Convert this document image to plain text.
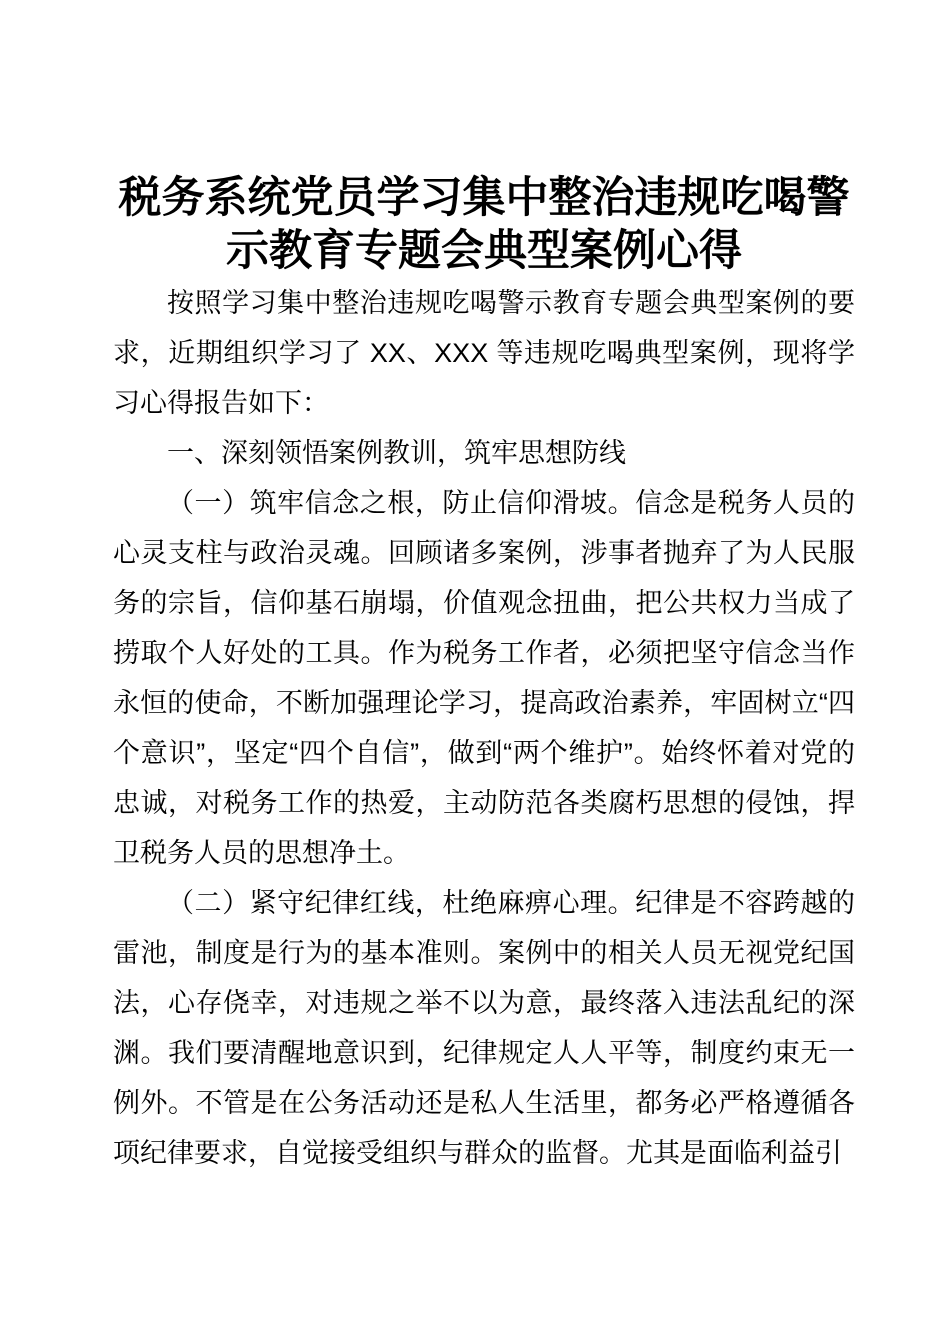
税务系统党员学习集中整治违规吃喝警示教育专题会典型案例心得

按照学习集中整治违规吃喝警示教育专题会典型案例的要求，近期组织学习了 XX、XXX 等违规吃喝典型案例，现将学习心得报告如下：

一、深刻领悟案例教训，筑牢思想防线

（一）筑牢信念之根，防止信仰滑坡。信念是税务人员的心灵支柱与政治灵魂。回顾诸多案例，涉事者抛弃了为人民服务的宗旨，信仰基石崩塌，价值观念扭曲，把公共权力当成了捞取个人好处的工具。作为税务工作者，必须把坚守信念当作永恒的使命，不断加强理论学习，提高政治素养，牢固树立“四个意识”，坚定“四个自信”，做到“两个维护”。始终怀着对党的忠诚，对税务工作的热爱，主动防范各类腐朽思想的侵蚀，捍卫税务人员的思想净土。

（二）紧守纪律红线，杜绝麻痹心理。纪律是不容跨越的雷池，制度是行为的基本准则。案例中的相关人员无视党纪国法，心存侥幸，对违规之举不以为意，最终落入违法乱纪的深渊。我们要清醒地意识到，纪律规定人人平等，制度约束无一例外。不管是在公务活动还是私人生活里，都务必严格遵循各项纪律要求，自觉接受组织与群众的监督。尤其是面临利益引
